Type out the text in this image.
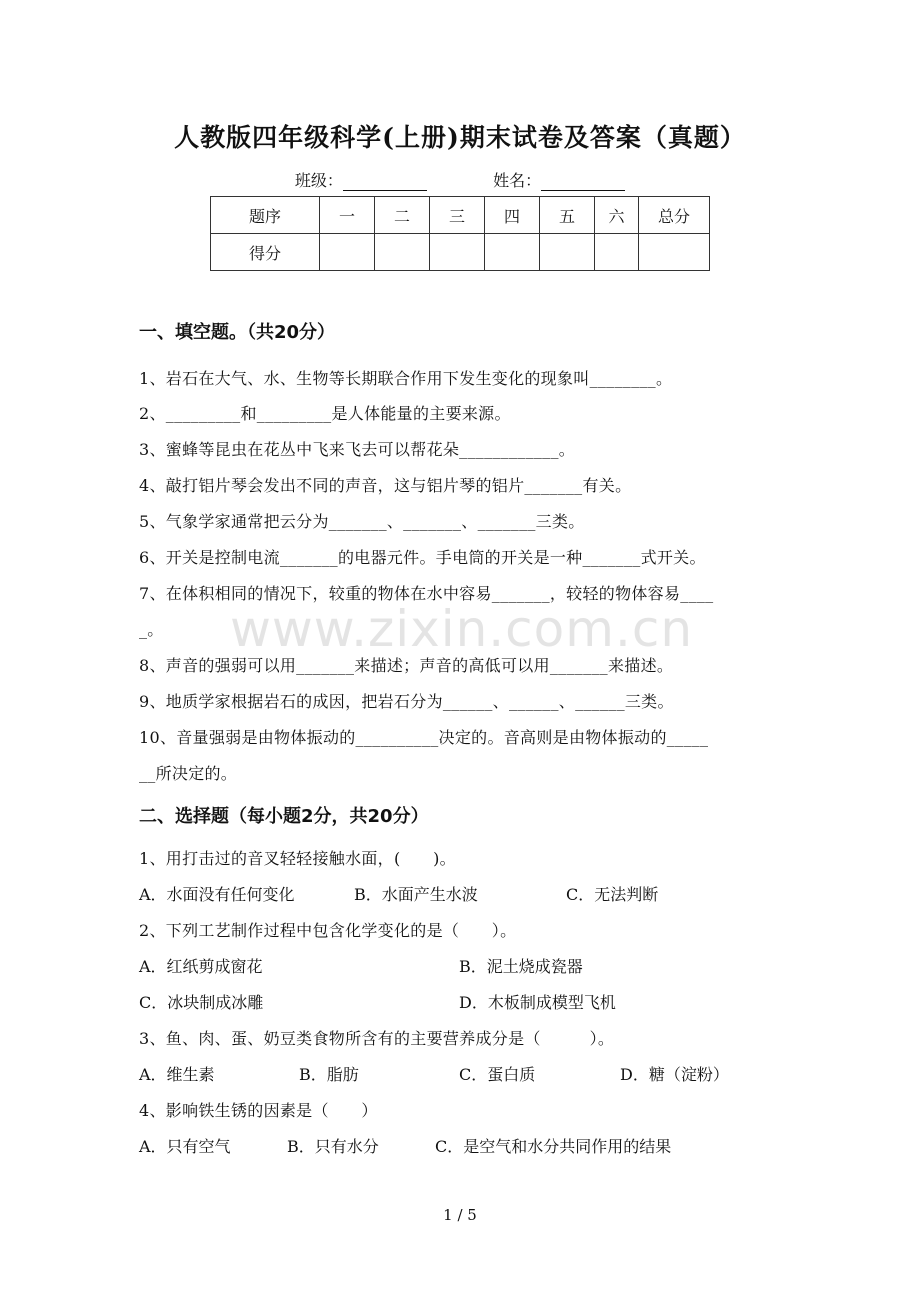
人教版四年级科学(上册)期末试卷及答案（真题）
班级：	姓名：
题序	一	二	三	四	五	六	总分
得分							
www.zixin.com.cn
一、填空题。（共20分）
1、岩石在大气、水、生物等长期联合作用下发生变化的现象叫________。
2、_________和_________是人体能量的主要来源。
3、蜜蜂等昆虫在花丛中飞来飞去可以帮花朵____________。
4、敲打铝片琴会发出不同的声音，这与铝片琴的铝片_______有关。
5、气象学家通常把云分为_______、_______、_______三类。
6、开关是控制电流_______的电器元件。手电筒的开关是一种_______式开关。
7、在体积相同的情况下，较重的物体在水中容易_______，较轻的物体容易____
_。
8、声音的强弱可以用_______来描述；声音的高低可以用_______来描述。
9、地质学家根据岩石的成因，把岩石分为______、______、______三类。
10、音量强弱是由物体振动的__________决定的。音高则是由物体振动的_____
__所决定的。
二、选择题（每小题2分，共20分）
1、用打击过的音叉轻轻接触水面，(　　)。
A．水面没有任何变化	B．水面产生水波	C．无法判断
2、下列工艺制作过程中包含化学变化的是（　　）。
A．红纸剪成窗花	B．泥土烧成瓷器
C．冰块制成冰雕	D．木板制成模型飞机
3、鱼、肉、蛋、奶豆类食物所含有的主要营养成分是（　　　）。
A．维生素	B．脂肪	C．蛋白质	D．糖（淀粉）
4、影响铁生锈的因素是（　　）
A．只有空气	B．只有水分	C．是空气和水分共同作用的结果
1 / 5
